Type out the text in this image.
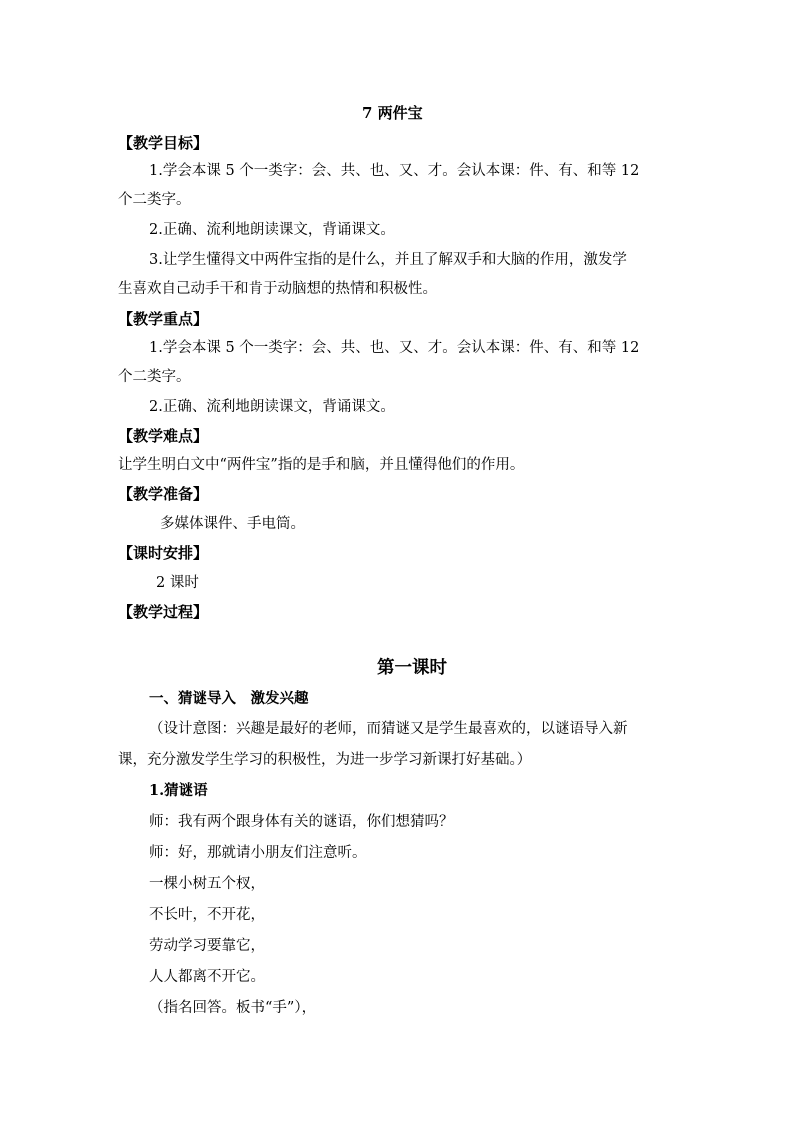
7 两件宝
【教学目标】
1.学会本课 5 个一类字：会、共、也、又、才。会认本课：件、有、和等 12
个二类字。
2.正确、流利地朗读课文，背诵课文。
3.让学生懂得文中两件宝指的是什么，并且了解双手和大脑的作用，激发学
生喜欢自己动手干和肯于动脑想的热情和积极性。
【教学重点】
1.学会本课 5 个一类字：会、共、也、又、才。会认本课：件、有、和等 12
个二类字。
2.正确、流利地朗读课文，背诵课文。
【教学难点】
让学生明白文中“两件宝”指的是手和脑，并且懂得他们的作用。
【教学准备】
多媒体课件、手电筒。
【课时安排】
2 课时
【教学过程】
第一课时
一、猜谜导入　激发兴趣
（设计意图：兴趣是最好的老师，而猜谜又是学生最喜欢的，以谜语导入新
课，充分激发学生学习的积极性，为进一步学习新课打好基础。）
1.猜谜语
师：我有两个跟身体有关的谜语，你们想猜吗？
师：好，那就请小朋友们注意听。
一棵小树五个杈，
不长叶，不开花，
劳动学习要靠它，
人人都离不开它。
（指名回答。板书“手”），
